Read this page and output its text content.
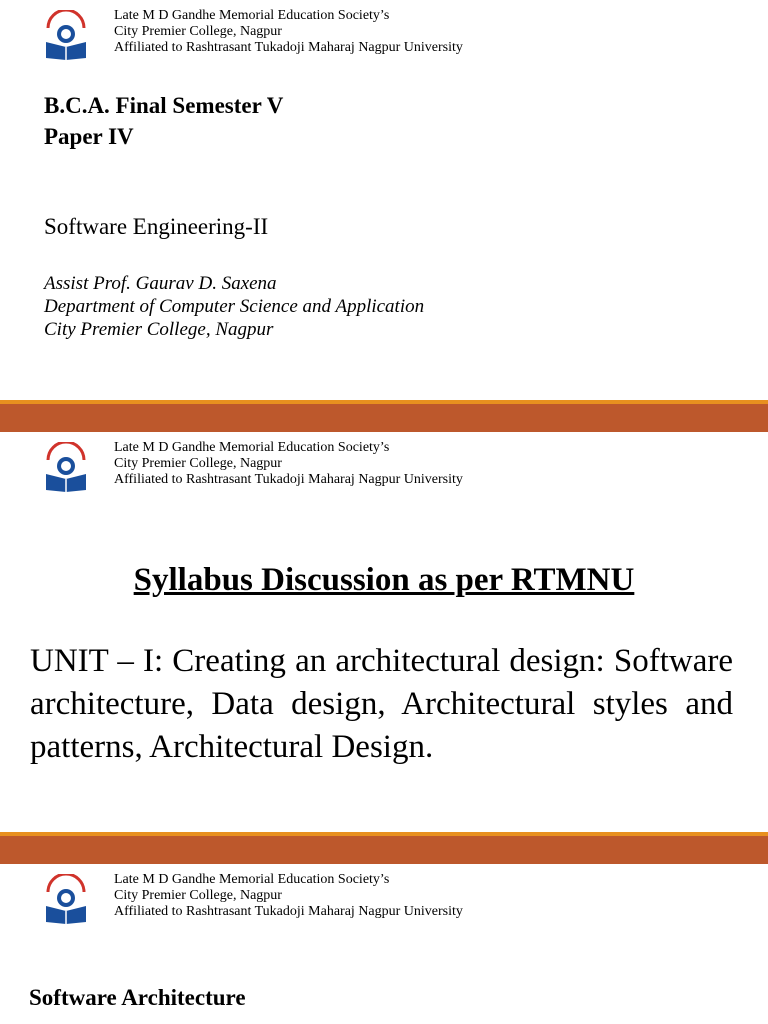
Late M D Gandhe Memorial Education Society’s
City Premier College, Nagpur
Affiliated to Rashtrasant Tukadoji Maharaj Nagpur University
B.C.A. Final Semester V
Paper IV
Software Engineering-II
Assist Prof. Gaurav D. Saxena
Department of Computer Science and Application
City Premier College, Nagpur
Late M D Gandhe Memorial Education Society’s
City Premier College, Nagpur
Affiliated to Rashtrasant Tukadoji Maharaj Nagpur University
Syllabus Discussion as per RTMNU
UNIT – I: Creating an architectural design: Software architecture, Data design, Architectural styles and patterns, Architectural Design.
Late M D Gandhe Memorial Education Society’s
City Premier College, Nagpur
Affiliated to Rashtrasant Tukadoji Maharaj Nagpur University
Software Architecture
